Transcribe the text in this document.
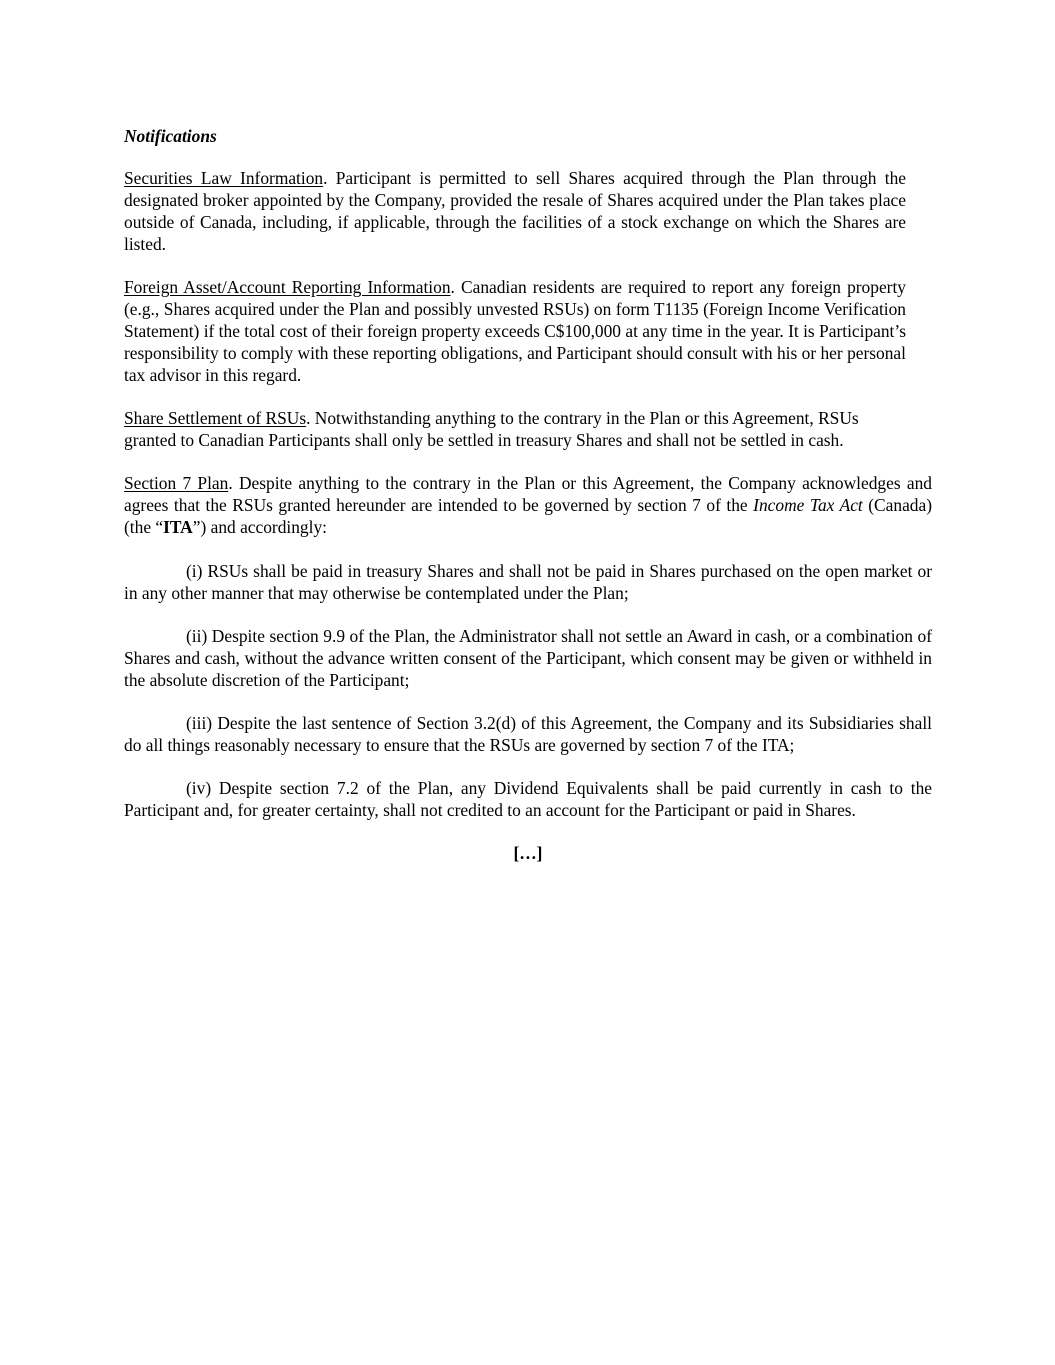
Notifications

Securities Law Information. Participant is permitted to sell Shares acquired through the Plan through the designated broker appointed by the Company, provided the resale of Shares acquired under the Plan takes place outside of Canada, including, if applicable, through the facilities of a stock exchange on which the Shares are listed.

Foreign Asset/Account Reporting Information. Canadian residents are required to report any foreign property (e.g., Shares acquired under the Plan and possibly unvested RSUs) on form T1135 (Foreign Income Verification Statement) if the total cost of their foreign property exceeds C$100,000 at any time in the year. It is Participant’s responsibility to comply with these reporting obligations, and Participant should consult with his or her personal tax advisor in this regard.

Share Settlement of RSUs. Notwithstanding anything to the contrary in the Plan or this Agreement, RSUs granted to Canadian Participants shall only be settled in treasury Shares and shall not be settled in cash.

Section 7 Plan. Despite anything to the contrary in the Plan or this Agreement, the Company acknowledges and agrees that the RSUs granted hereunder are intended to be governed by section 7 of the Income Tax Act (Canada) (the “ITA”) and accordingly:

(i) RSUs shall be paid in treasury Shares and shall not be paid in Shares purchased on the open market or in any other manner that may otherwise be contemplated under the Plan;

(ii) Despite section 9.9 of the Plan, the Administrator shall not settle an Award in cash, or a combination of Shares and cash, without the advance written consent of the Participant, which consent may be given or withheld in the absolute discretion of the Participant;

(iii) Despite the last sentence of Section 3.2(d) of this Agreement, the Company and its Subsidiaries shall do all things reasonably necessary to ensure that the RSUs are governed by section 7 of the ITA;

(iv) Despite section 7.2 of the Plan, any Dividend Equivalents shall be paid currently in cash to the Participant and, for greater certainty, shall not credited to an account for the Participant or paid in Shares.

[…]
